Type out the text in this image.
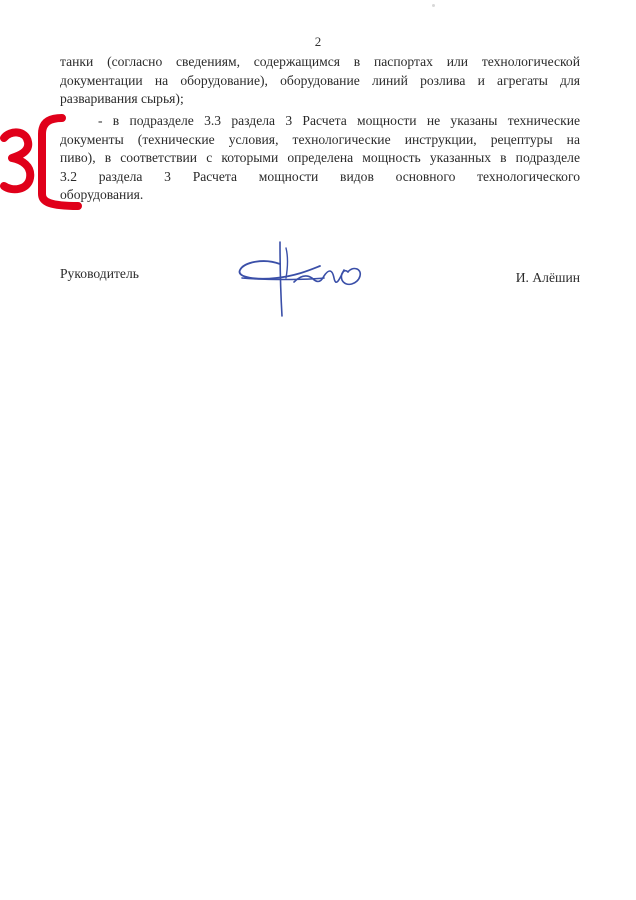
2
танки (согласно сведениям, содержащимся в паспортах или технологической
документации на оборудование), оборудование линий розлива и агрегаты для
разваривания сырья);
- в подразделе 3.3 раздела 3 Расчета мощности не указаны технические
документы (технические условия, технологические инструкции, рецептуры на
пиво), в соответствии с которыми определена мощность указанных в подразделе
3.2 раздела 3 Расчета мощности видов основного технологического
оборудования.
Руководитель	И. Алёшин
